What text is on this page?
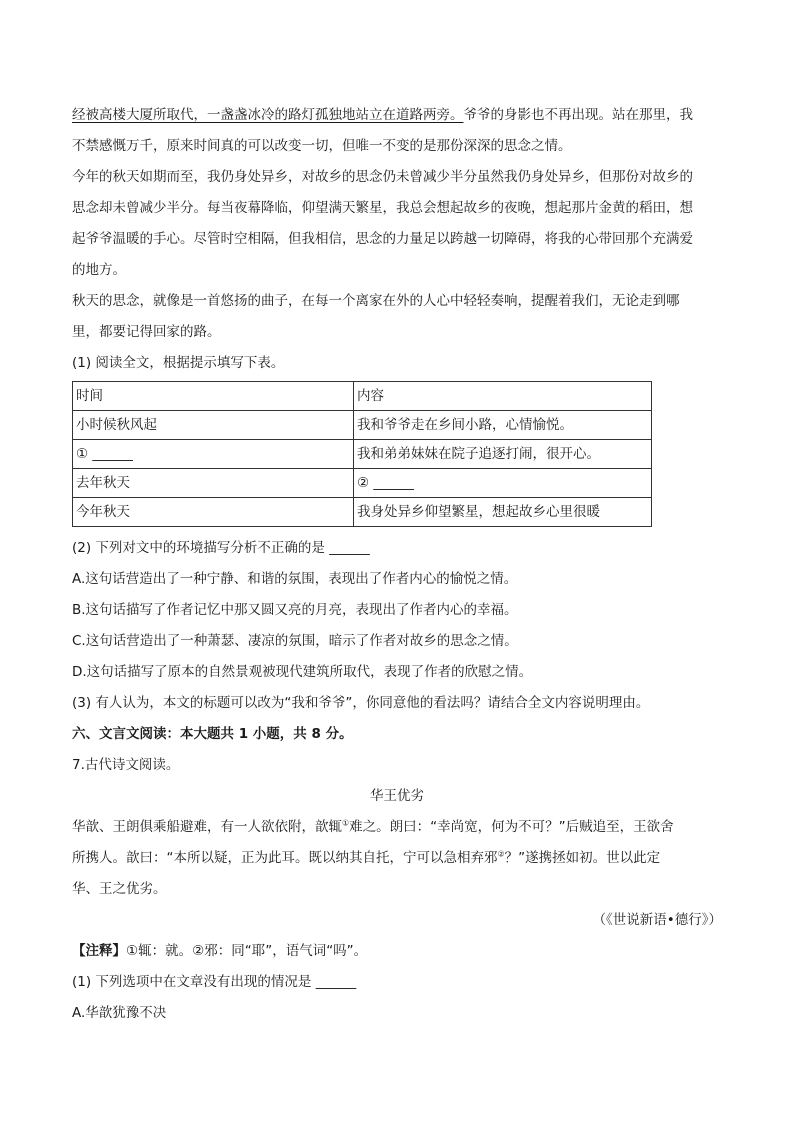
经被高楼大厦所取代，一盏盏冰冷的路灯孤独地站立在道路两旁。爷爷的身影也不再出现。站在那里，我

不禁感慨万千，原来时间真的可以改变一切，但唯一不变的是那份深深的思念之情。

今年的秋天如期而至，我仍身处异乡，对故乡的思念仍未曾减少半分虽然我仍身处异乡，但那份对故乡的

思念却未曾减少半分。每当夜幕降临，仰望满天繁星，我总会想起故乡的夜晚，想起那片金黄的稻田，想

起爷爷温暖的手心。尽管时空相隔，但我相信，思念的力量足以跨越一切障碍，将我的心带回那个充满爱

的地方。

秋天的思念，就像是一首悠扬的曲子，在每一个离家在外的人心中轻轻奏响，提醒着我们，无论走到哪

里，都要记得回家的路。

(1) 阅读全文，根据提示填写下表。

时间	内容
小时候秋风起	我和爷爷走在乡间小路，心情愉悦。
① ______	我和弟弟妹妹在院子追逐打闹，很开心。
去年秋天	② ______
今年秋天	我身处异乡仰望繁星，想起故乡心里很暖

(2) 下列对文中的环境描写分析不正确的是 ______

A.这句话营造出了一种宁静、和谐的氛围，表现出了作者内心的愉悦之情。

B.这句话描写了作者记忆中那又圆又亮的月亮，表现出了作者内心的幸福。

C.这句话营造出了一种萧瑟、凄凉的氛围，暗示了作者对故乡的思念之情。

D.这句话描写了原本的自然景观被现代建筑所取代，表现了作者的欣慰之情。

(3) 有人认为，本文的标题可以改为“我和爷爷”，你同意他的看法吗？请结合全文内容说明理由。

六、文言文阅读：本大题共 1 小题，共 8 分。

7.古代诗文阅读。

华王优劣

华歆、王朗俱乘船避难，有一人欲依附，歆辄①难之。朗曰：“幸尚宽，何为不可？”后贼追至，王欲舍

所携人。歆曰：“本所以疑，正为此耳。既以纳其自托，宁可以急相弃邪②？”遂携拯如初。世以此定

华、王之优劣。

（《世说新语•德行》）

【注释】①辄：就。②邪：同“耶”，语气词“吗”。

(1) 下列选项中在文章没有出现的情况是 ______

A.华歆犹豫不决
